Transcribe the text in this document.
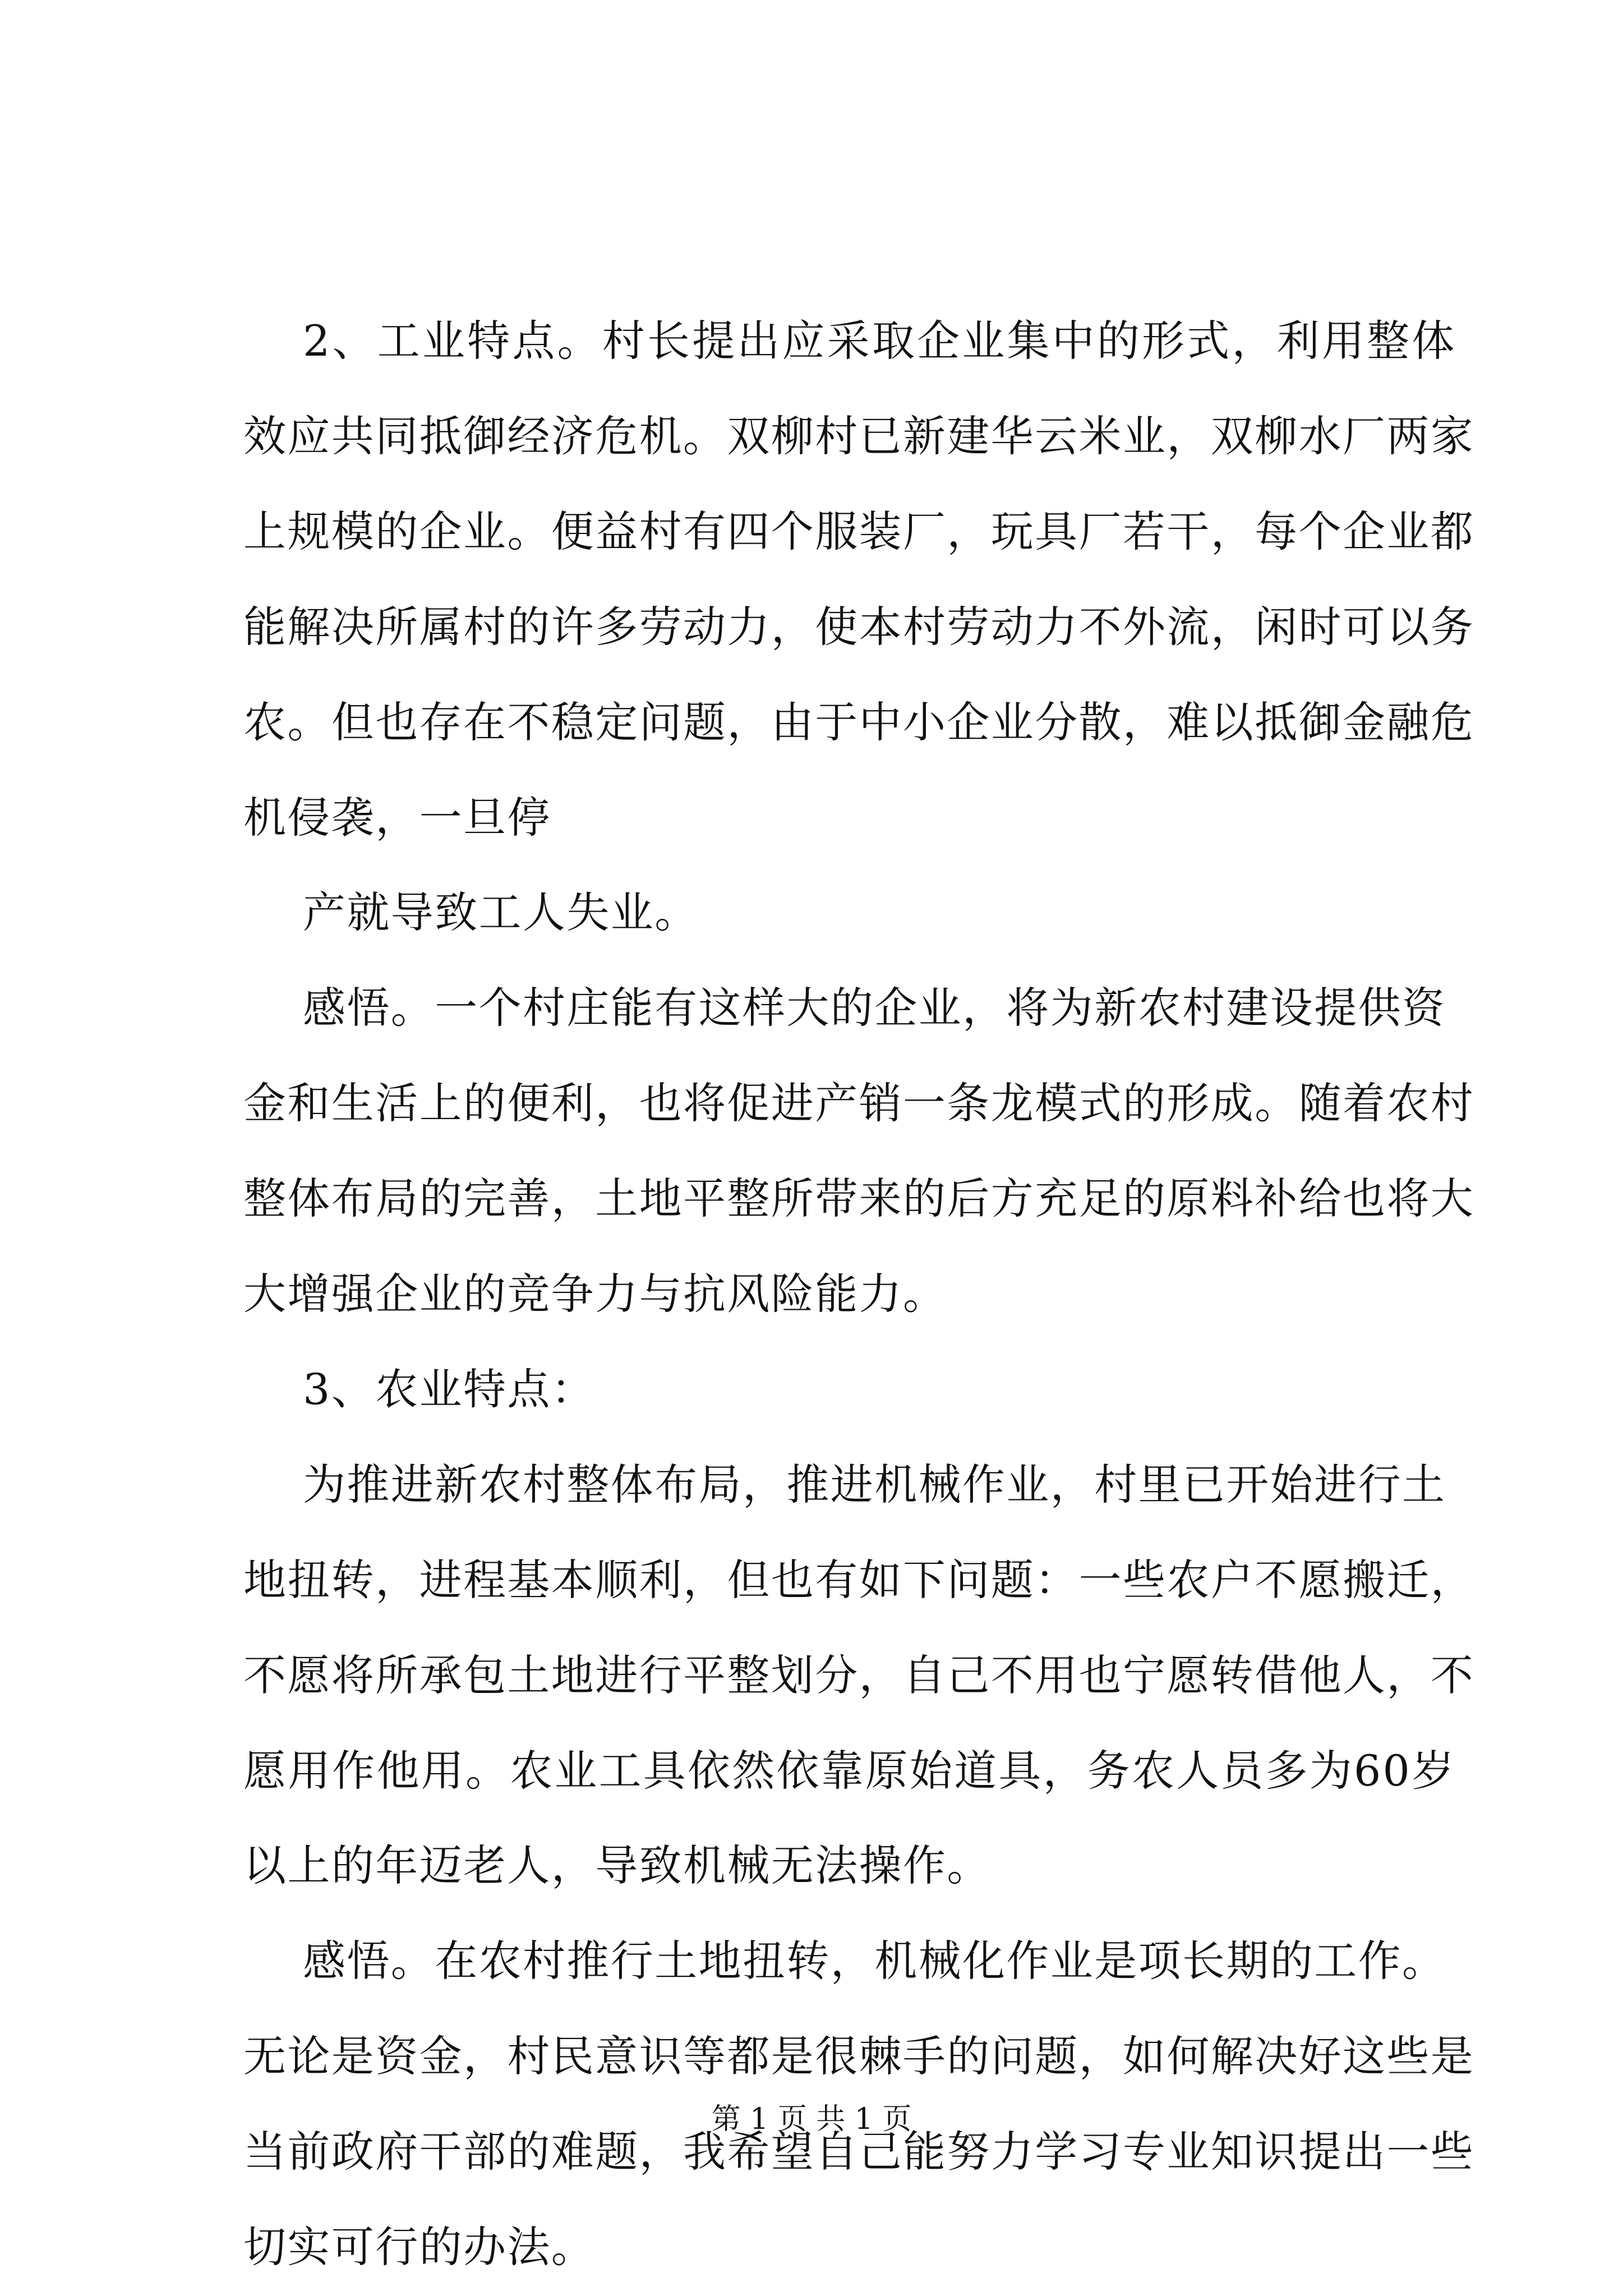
2、工业特点。村长提出应采取企业集中的形式，利用整体

效应共同抵御经济危机。双柳村已新建华云米业，双柳水厂两家

上规模的企业。便益村有四个服装厂，玩具厂若干，每个企业都

能解决所属村的许多劳动力，使本村劳动力不外流，闲时可以务

农。但也存在不稳定问题，由于中小企业分散，难以抵御金融危

机侵袭，一旦停

产就导致工人失业。

感悟。一个村庄能有这样大的企业，将为新农村建设提供资

金和生活上的便利，也将促进产销一条龙模式的形成。随着农村

整体布局的完善，土地平整所带来的后方充足的原料补给也将大

大增强企业的竞争力与抗风险能力。

3、农业特点：

为推进新农村整体布局，推进机械作业，村里已开始进行土

地扭转，进程基本顺利，但也有如下问题：一些农户不愿搬迁，

不愿将所承包土地进行平整划分，自己不用也宁愿转借他人，不

愿用作他用。农业工具依然依靠原始道具，务农人员多为60岁

以上的年迈老人，导致机械无法操作。

感悟。在农村推行土地扭转，机械化作业是项长期的工作。

无论是资金，村民意识等都是很棘手的问题，如何解决好这些是

当前政府干部的难题，我希望自己能努力学习专业知识提出一些

切实可行的办法。

第 1 页 共 1 页
